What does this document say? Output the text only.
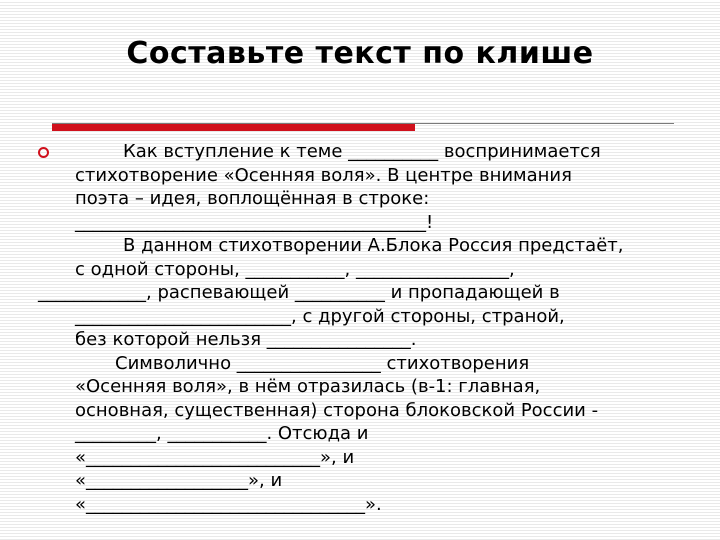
Составьте текст по клише
Как вступление к теме __________ воспринимается
стихотворение «Осенняя воля». В центре внимания
поэта – идея, воплощённая в строке:
_______________________________________!
В данном стихотворении А.Блока Россия предстаёт,
с одной стороны, ___________, _________________,
____________, распевающей __________ и пропадающей в
________________________, с другой стороны, страной,
без которой нельзя ________________.
Символично ________________ стихотворения
«Осенняя воля», в нём отразилась (в-1: главная,
основная, существенная) сторона блоковской России -
_________, ___________. Отсюда и
«__________________________», и
«__________________», и
«_______________________________».
